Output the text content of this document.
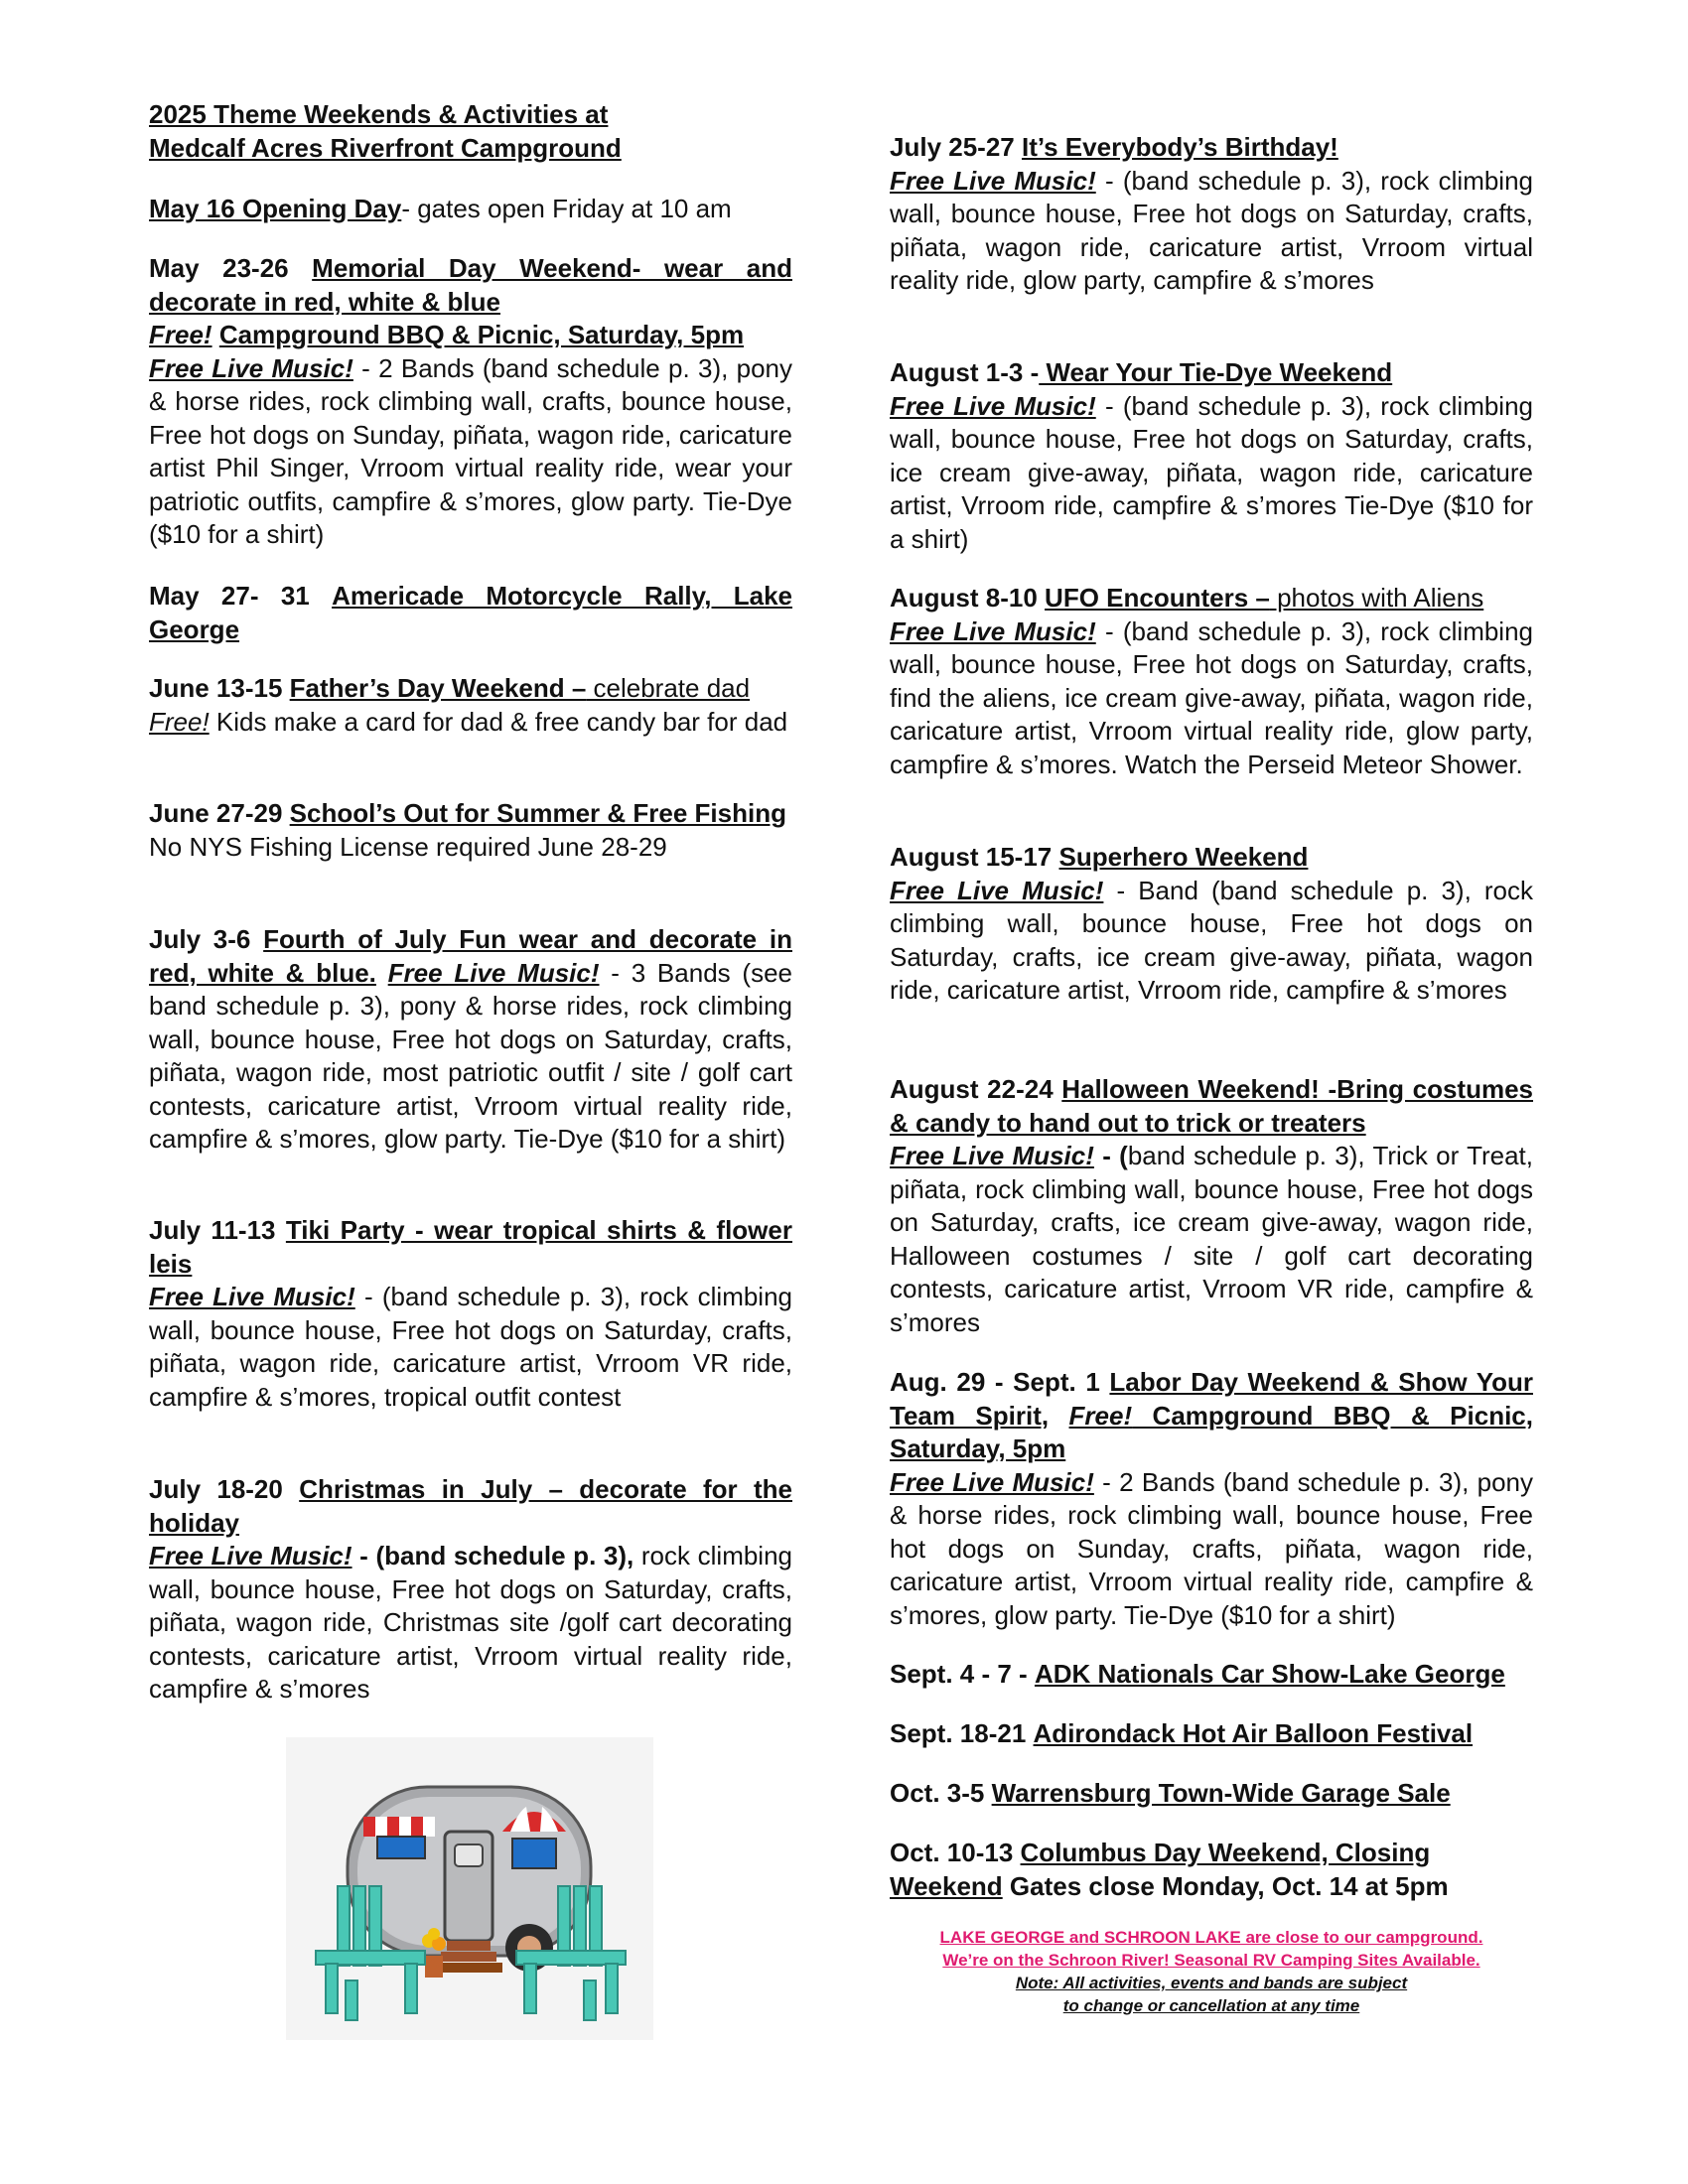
2025 Theme Weekends & Activities at
Medcalf Acres Riverfront Campground
May 16 Opening Day- gates open Friday at 10 am
May 23-26 Memorial Day Weekend- wear and decorate in red, white & blue
Free! Campground BBQ & Picnic, Saturday, 5pm
Free Live Music! - 2 Bands (band schedule p. 3), pony & horse rides, rock climbing wall, crafts, bounce house, Free hot dogs on Sunday, piñata, wagon ride, caricature artist Phil Singer, Vrroom virtual reality ride, wear your patriotic outfits, campfire & s’mores, glow party. Tie-Dye ($10 for a shirt)
May 27- 31 Americade Motorcycle Rally, Lake George
June 13-15 Father’s Day Weekend – celebrate dad
Free! Kids make a card for dad & free candy bar for dad
June 27-29 School’s Out for Summer & Free Fishing
No NYS Fishing License required June 28-29
July 3-6 Fourth of July Fun wear and decorate in red, white & blue. Free Live Music! - 3 Bands (see band schedule p. 3), pony & horse rides, rock climbing wall, bounce house, Free hot dogs on Saturday, crafts, piñata, wagon ride, most patriotic outfit / site / golf cart contests, caricature artist, Vrroom virtual reality ride, campfire & s’mores, glow party. Tie-Dye ($10 for a shirt)
July 11-13 Tiki Party - wear tropical shirts & flower leis
Free Live Music! - (band schedule p. 3), rock climbing wall, bounce house, Free hot dogs on Saturday, crafts, piñata, wagon ride, caricature artist, Vrroom VR ride, campfire & s’mores, tropical outfit contest
July 18-20 Christmas in July – decorate for the holiday
Free Live Music! - (band schedule p. 3), rock climbing wall, bounce house, Free hot dogs on Saturday, crafts, piñata, wagon ride, Christmas site /golf cart decorating contests, caricature artist, Vrroom virtual reality ride, campfire & s’mores
July 25-27 It’s Everybody’s Birthday!
Free Live Music! - (band schedule p. 3), rock climbing wall, bounce house, Free hot dogs on Saturday, crafts, piñata, wagon ride, caricature artist, Vrroom virtual reality ride, glow party, campfire & s’mores
August 1-3 - Wear Your Tie-Dye Weekend
Free Live Music! - (band schedule p. 3), rock climbing wall, bounce house, Free hot dogs on Saturday, crafts, ice cream give-away, piñata, wagon ride, caricature artist, Vrroom ride, campfire & s’mores Tie-Dye ($10 for a shirt)
August 8-10 UFO Encounters – photos with Aliens
Free Live Music! - (band schedule p. 3), rock climbing wall, bounce house, Free hot dogs on Saturday, crafts, find the aliens, ice cream give-away, piñata, wagon ride, caricature artist, Vrroom virtual reality ride, glow party, campfire & s’mores. Watch the Perseid Meteor Shower.
August 15-17 Superhero Weekend
Free Live Music! - Band (band schedule p. 3), rock climbing wall, bounce house, Free hot dogs on Saturday, crafts, ice cream give-away, piñata, wagon ride, caricature artist, Vrroom ride, campfire & s’mores
August 22-24 Halloween Weekend! -Bring costumes & candy to hand out to trick or treaters
Free Live Music! - (band schedule p. 3), Trick or Treat, piñata, rock climbing wall, bounce house, Free hot dogs on Saturday, crafts, ice cream give-away, wagon ride, Halloween costumes / site / golf cart decorating contests, caricature artist, Vrroom VR ride, campfire & s’mores
Aug. 29 - Sept. 1 Labor Day Weekend & Show Your Team Spirit, Free! Campground BBQ & Picnic, Saturday, 5pm
Free Live Music! - 2 Bands (band schedule p. 3), pony & horse rides, rock climbing wall, bounce house, Free hot dogs on Sunday, crafts, piñata, wagon ride, caricature artist, Vrroom virtual reality ride, campfire & s’mores, glow party. Tie-Dye ($10 for a shirt)
Sept. 4 - 7 - ADK Nationals Car Show-Lake George
Sept. 18-21 Adirondack Hot Air Balloon Festival
Oct. 3-5 Warrensburg Town-Wide Garage Sale
Oct. 10-13 Columbus Day Weekend, Closing Weekend Gates close Monday, Oct. 14 at 5pm
LAKE GEORGE and SCHROON LAKE are close to our campground.
We’re on the Schroon River! Seasonal RV Camping Sites Available.
Note: All activities, events and bands are subject
to change or cancellation at any time
